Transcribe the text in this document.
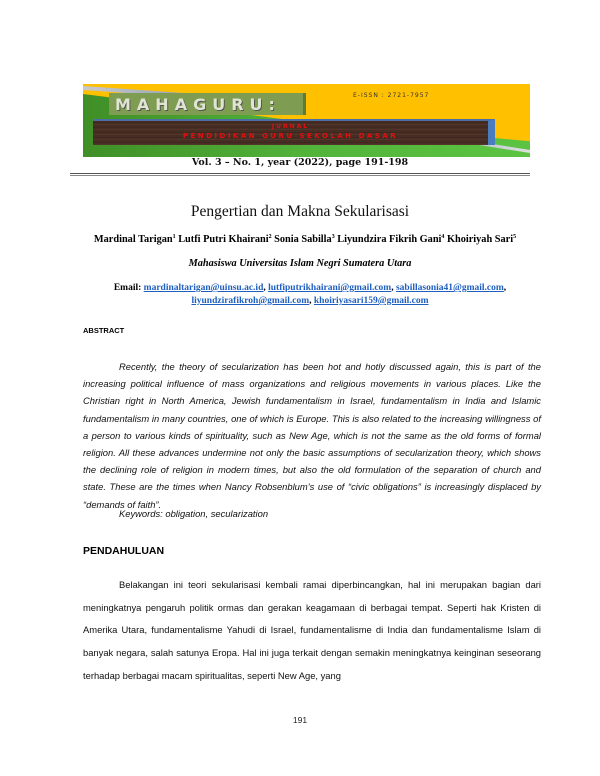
MAHAGURU:	E-ISSN : 2721-7957
JURNAL
PENDIDIKAN GURU SEKOLAH DASAR
Vol. 3 – No. 1, year (2022), page 191-198
Pengertian dan Makna Sekularisasi
Mardinal Tarigan$^1$ Lutfi Putri Khairani$^2$ Sonia Sabilla$^3$ Liyundzira Fikrih Gani$^4$ Khoiriyah Sari$^5$
Mahasiswa Universitas Islam Negri Sumatera Utara
Email: mardinaltarigan@uinsu.ac.id, lutfiputrikhairani@gmail.com, sabillasonia41@gmail.com, liyundzirafikroh@gmail.com, khoiriyasari159@gmail.com
ABSTRACT

Recently, the theory of secularization has been hot and hotly discussed again, this is part of the increasing political influence of mass organizations and religious movements in various places. Like the Christian right in North America, Jewish fundamentalism in Israel, fundamentalism in India and Islamic fundamentalism in many countries, one of which is Europe. This is also related to the increasing willingness of a person to various kinds of spirituality, such as New Age, which is not the same as the old forms of formal religion. All these advances undermine not only the basic assumptions of secularization theory, which shows the declining role of religion in modern times, but also the old formulation of the separation of church and state. These are the times when Nancy Robsenblum’s use of “civic obligations” is increasingly displaced by “demands of faith”.

Keywords: obligation, secularization
PENDAHULUAN

Belakangan ini teori sekularisasi kembali ramai diperbincangkan, hal ini merupakan bagian dari meningkatnya pengaruh politik ormas dan gerakan keagamaan di berbagai tempat. Seperti hak Kristen di Amerika Utara, fundamentalisme Yahudi di Israel, fundamentalisme di India dan fundamentalisme Islam di banyak negara, salah satunya Eropa. Hal ini juga terkait dengan semakin meningkatnya keinginan seseorang terhadap berbagai macam spiritualitas, seperti New Age, yang

191
